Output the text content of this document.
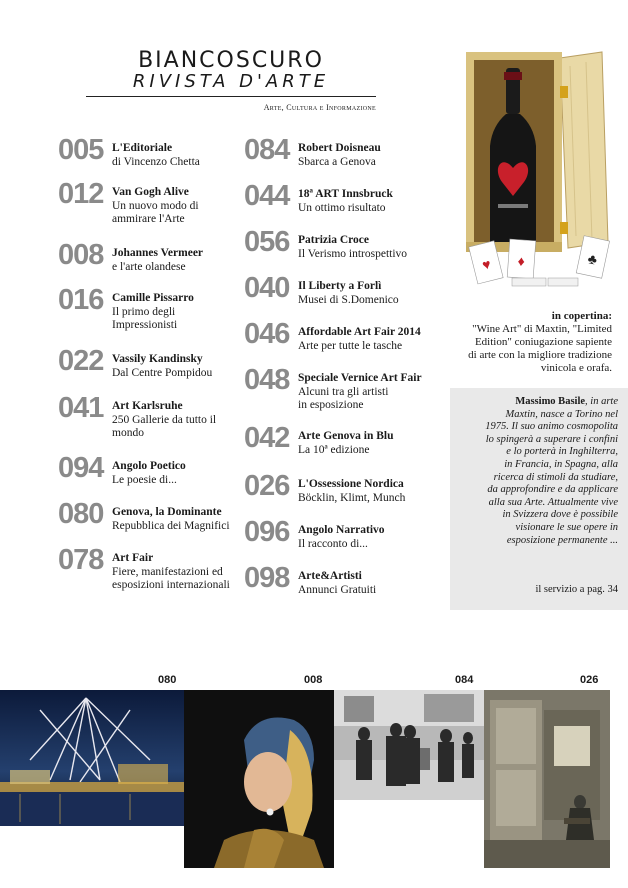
BIANCOSCURO
RIVISTA D'ARTE
Arte, Cultura e Informazione
005 L'Editoriale
di Vincenzo Chetta
012 Van Gogh Alive
Un nuovo modo di
ammirare l'Arte
008 Johannes Vermeer
e l'arte olandese
016 Camille Pissarro
Il primo degli
Impressionisti
022 Vassily Kandinsky
Dal Centre Pompidou
041 Art Karlsruhe
250 Gallerie da tutto il
mondo
094 Angolo Poetico
Le poesie di...
080 Genova, la Dominante
Repubblica dei Magnifici
078 Art Fair
Fiere, manifestazioni ed
esposizioni internazionali
084 Robert Doisneau
Sbarca a Genova
044 18ª ART Innsbruck
Un ottimo risultato
056 Patrizia Croce
Il Verismo introspettivo
040 Il Liberty a Forlì
Musei di S.Domenico
046 Affordable Art Fair 2014
Arte per tutte le tasche
048 Speciale Vernice Art Fair
Alcuni tra gli artisti
in esposizione
042 Arte Genova in Blu
La 10ª edizione
026 L'Ossessione Nordica
Böcklin, Klimt, Munch
096 Angolo Narrativo
Il racconto di...
098 Arte&Artisti
Annunci Gratuiti
♥ ♦	♣
in copertina:
"Wine Art" di Maxtin, "Limited
Edition" coniugazione sapiente
di arte con la migliore tradizione
vinicola e orafa.
Massimo Basile, in arte
Maxtin, nasce a Torino nel
1975. Il suo animo cosmopolita
lo spingerà a superare i confini
e lo porterà in Inghilterra,
in Francia, in Spagna, alla
ricerca di stimoli da studiare,
da approfondire e da applicare
alla sua Arte. Attualmente vive
in Svizzera dove è possibile
visionare le sue opere in
esposizione permanente ...
il servizio a pag. 34
080	008	084	026
